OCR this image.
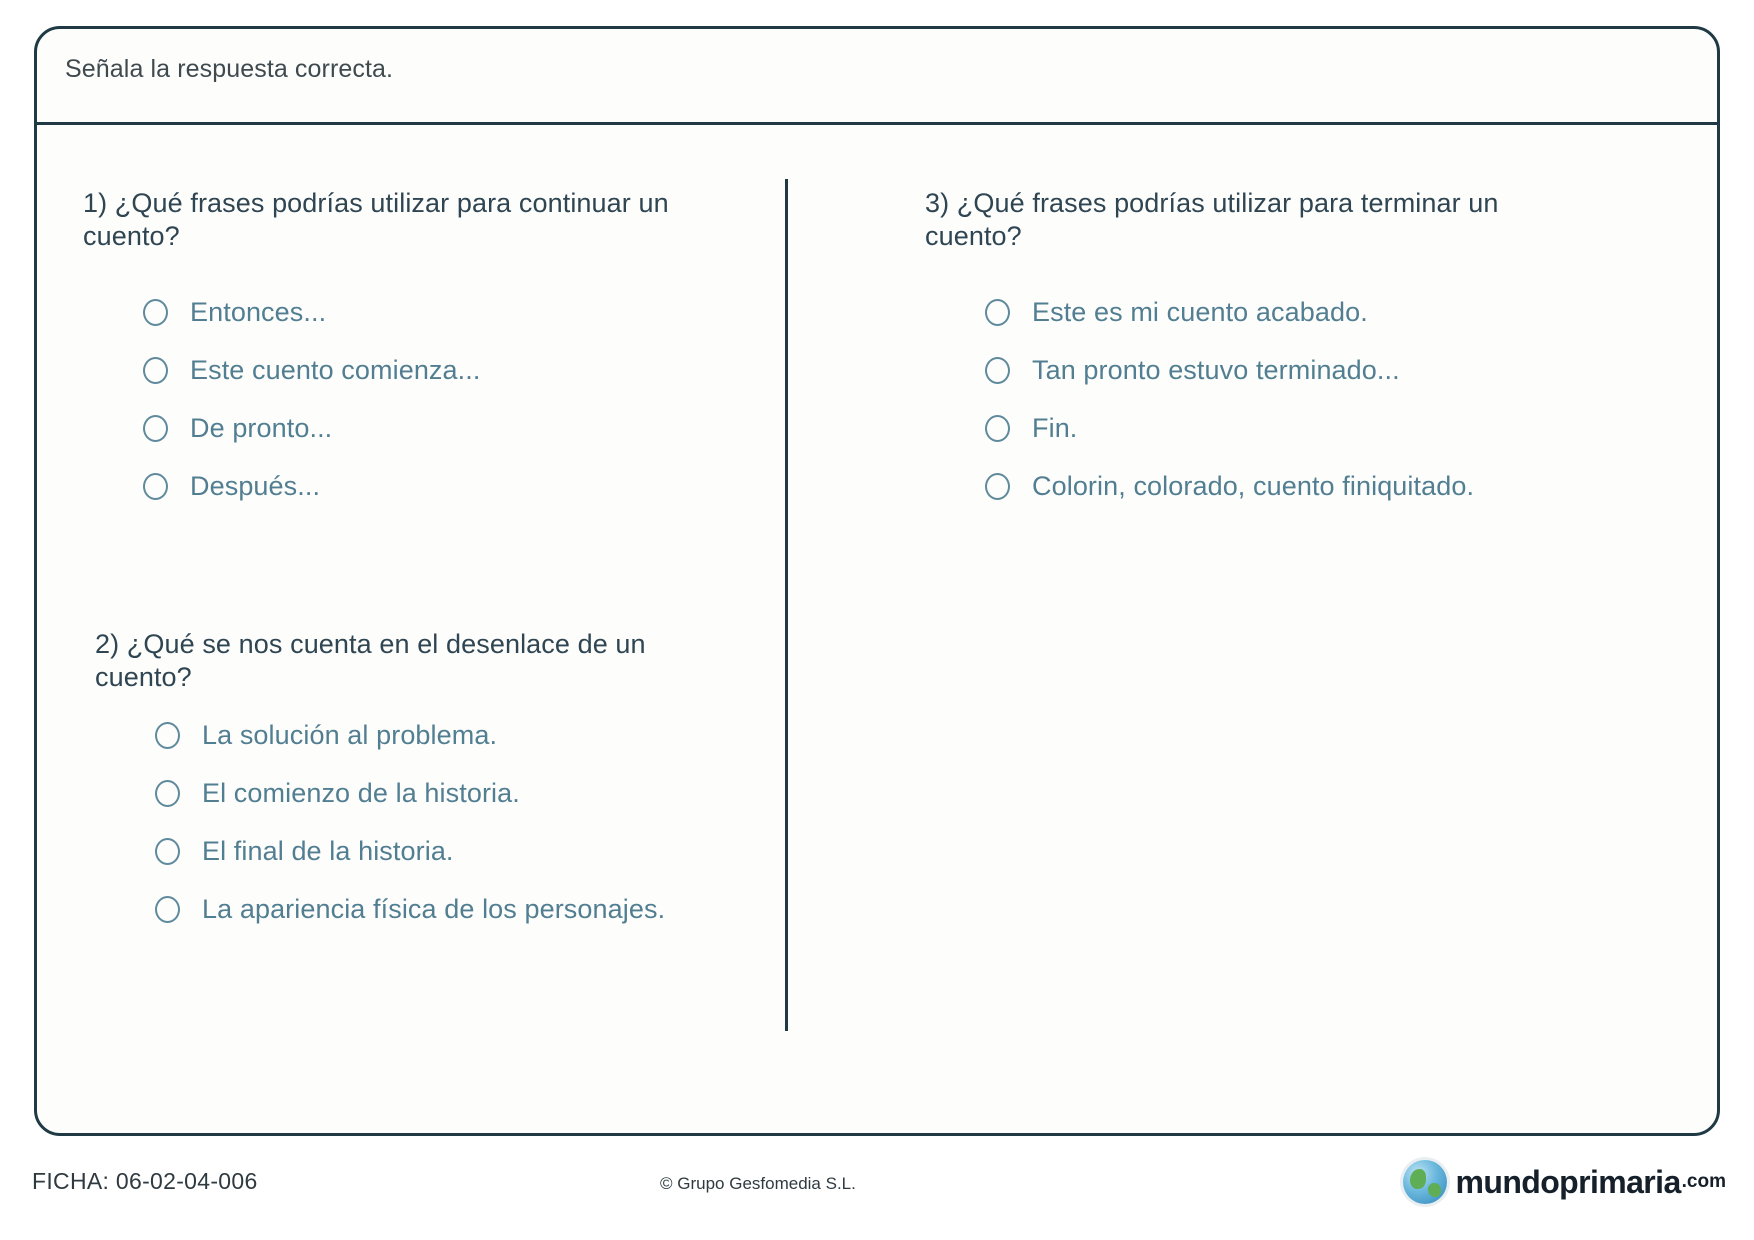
Señala la respuesta correcta.
1) ¿Qué frases podrías utilizar para continuar un cuento?
Entonces...
Este cuento comienza...
De pronto...
Después...
2) ¿Qué se nos cuenta en el desenlace de un cuento?
La solución al problema.
El comienzo de la historia.
El final de la historia.
La apariencia física de los personajes.
3) ¿Qué frases podrías utilizar para terminar un cuento?
Este es mi cuento acabado.
Tan pronto estuvo terminado...
Fin.
Colorin, colorado, cuento finiquitado.
FICHA: 06-02-04-006	© Grupo Gesfomedia S.L.	mundoprimaria .com
